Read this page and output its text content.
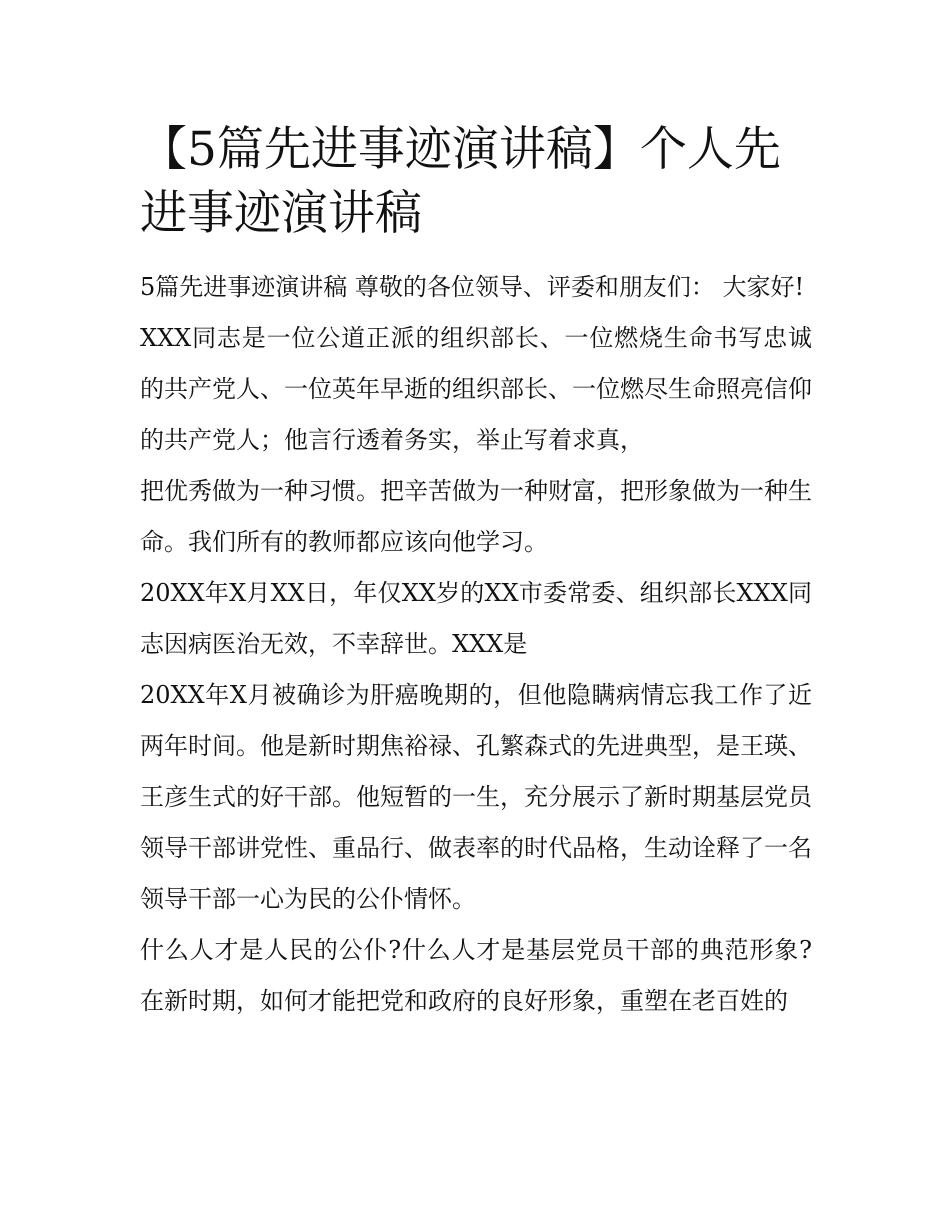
【5篇先进事迹演讲稿】个人先进事迹演讲稿

5篇先进事迹演讲稿 尊敬的各位领导、评委和朋友们： 大家好!

XXX同志是一位公道正派的组织部长、一位燃烧生命书写忠诚的共产党人、一位英年早逝的组织部长、一位燃尽生命照亮信仰的共产党人；他言行透着务实，举止写着求真，

把优秀做为一种习惯。把辛苦做为一种财富，把形象做为一种生命。我们所有的教师都应该向他学习。

20XX年X月XX日，年仅XX岁的XX市委常委、组织部长XXX同志因病医治无效，不幸辞世。XXX是

20XX年X月被确诊为肝癌晚期的，但他隐瞒病情忘我工作了近两年时间。他是新时期焦裕禄、孔繁森式的先进典型，是王瑛、王彦生式的好干部。他短暂的一生，充分展示了新时期基层党员领导干部讲党性、重品行、做表率的时代品格，生动诠释了一名领导干部一心为民的公仆情怀。

什么人才是人民的公仆?什么人才是基层党员干部的典范形象?在新时期，如何才能把党和政府的良好形象，重塑在老百姓的
